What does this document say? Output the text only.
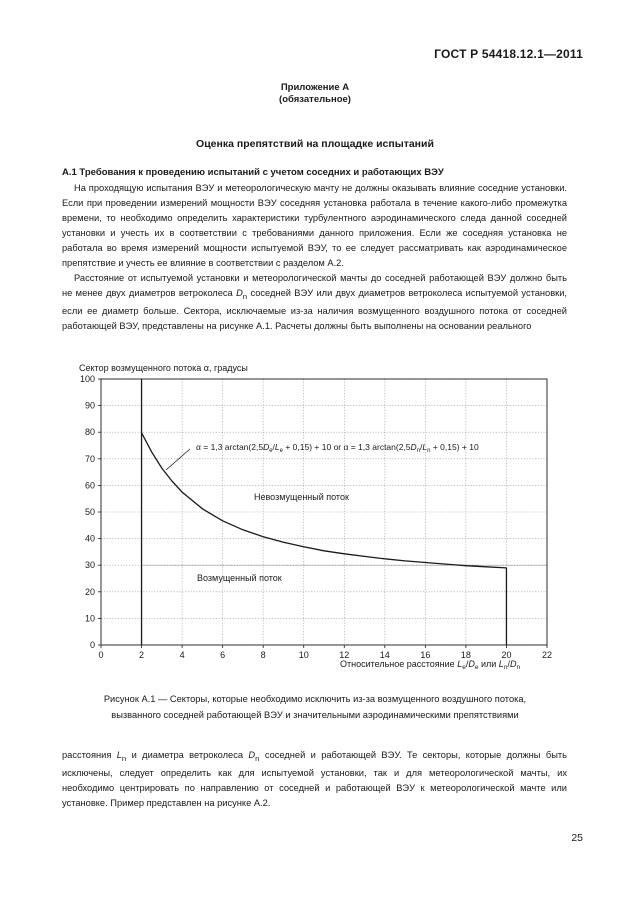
ГОСТ Р 54418.12.1—2011
Приложение А
(обязательное)
Оценка препятствий на площадке испытаний
А.1 Требования к проведению испытаний с учетом соседних и работающих ВЭУ

На проходящую испытания ВЭУ и метеорологическую мачту не должны оказывать влияние соседние установки. Если при проведении измерений мощности ВЭУ соседняя установка работала в течение какого-либо промежутка времени, то необходимо определить характеристики турбулентного аэродинамического следа данной соседней установки и учесть их в соответствии с требованиями данного приложения. Если же соседняя установка не работала во время измерений мощности испытуемой ВЭУ, то ее следует рассматривать как аэродинамическое препятствие и учесть ее влияние в соответствии с разделом А.2.

Расстояние от испытуемой установки и метеорологической мачты до соседней работающей ВЭУ должно быть не менее двух диаметров ветроколеса $D_n$ соседней ВЭУ или двух диаметров ветроколеса испытуемой установки, если ее диаметр больше. Сектора, исключаемые из-за наличия возмущенного воздушного потока от соседней работающей ВЭУ, представлены на рисунке А.1. Расчеты должны быть выполнены на основании реального

0
10
20
30
40
50
60
70
80
90
100
0	2	4	6	8	10	12	14	16	18	20	22
Сектор возмущенного потока α, градусы
Относительное расстояние $L_e/D_e$ или $L_n/D_n$
α = 1,3 $\arctan(2,5D_e/L_e + 0,15) + 10$ or α = 1,3 $\arctan(2,5D_n/L_n + 0,15) + 10$
Невозмущенный поток
Возмущенный поток
Рисунок А.1 — Секторы, которые необходимо исключить из-за возмущенного воздушного потока,
вызванного соседней работающей ВЭУ и значительными аэродинамическими препятствиями

расстояния $L_n$ и диаметра ветроколеса $D_n$ соседней и работающей ВЭУ. Те секторы, которые должны быть исключены, следует определить как для испытуемой установки, так и для метеорологической мачты, их необходимо центрировать по направлению от соседней и работающей ВЭУ к метеорологической мачте или установке. Пример представлен на рисунке А.2.

25
